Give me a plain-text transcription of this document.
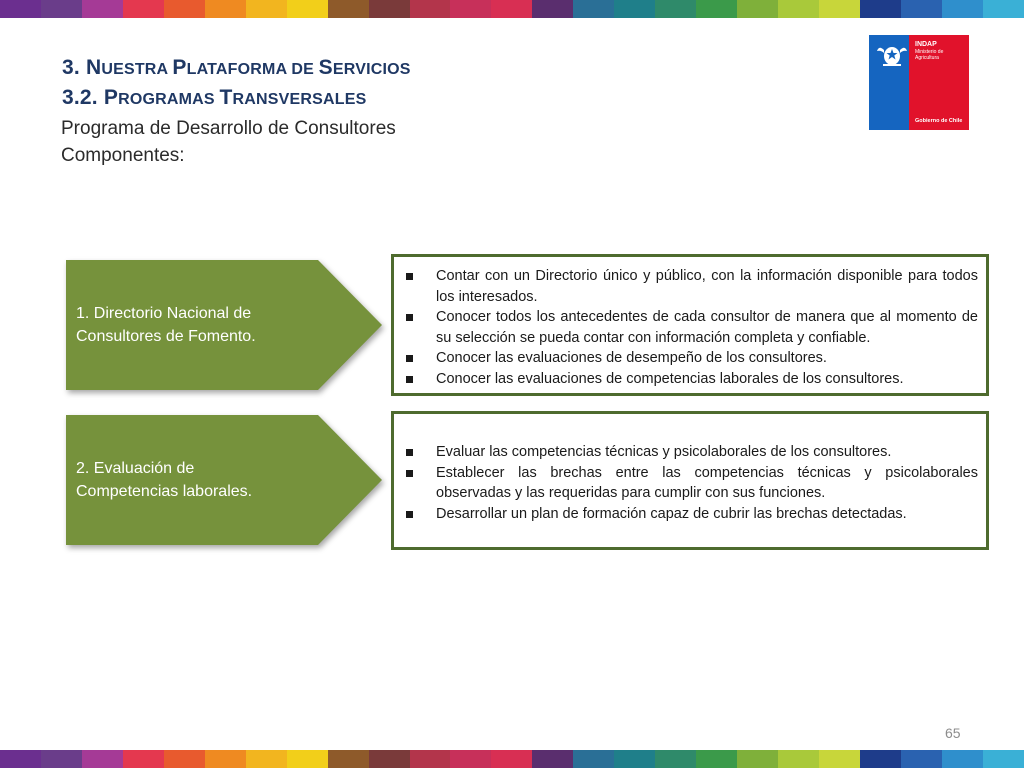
3. NUESTRA PLATAFORMA DE SERVICIOS
3.2. PROGRAMAS TRANSVERSALES
Programa de Desarrollo de Consultores
Componentes:
INDAP
Ministerio de
Agricultura
Gobierno de Chile
1. Directorio Nacional de Consultores de Fomento.
Contar con un Directorio único y público, con la información disponible para todos los interesados.
Conocer todos los antecedentes de cada consultor de manera que al momento de su selección se pueda contar con información completa y confiable.
Conocer las evaluaciones de desempeño de los consultores.
Conocer las evaluaciones de competencias laborales de los consultores.
2. Evaluación de Competencias laborales.
Evaluar las competencias técnicas y psicolaborales de los consultores.
Establecer las brechas entre las competencias técnicas y psicolaborales observadas y las requeridas para cumplir con sus funciones.
Desarrollar un plan de formación capaz de cubrir las brechas detectadas.
65
